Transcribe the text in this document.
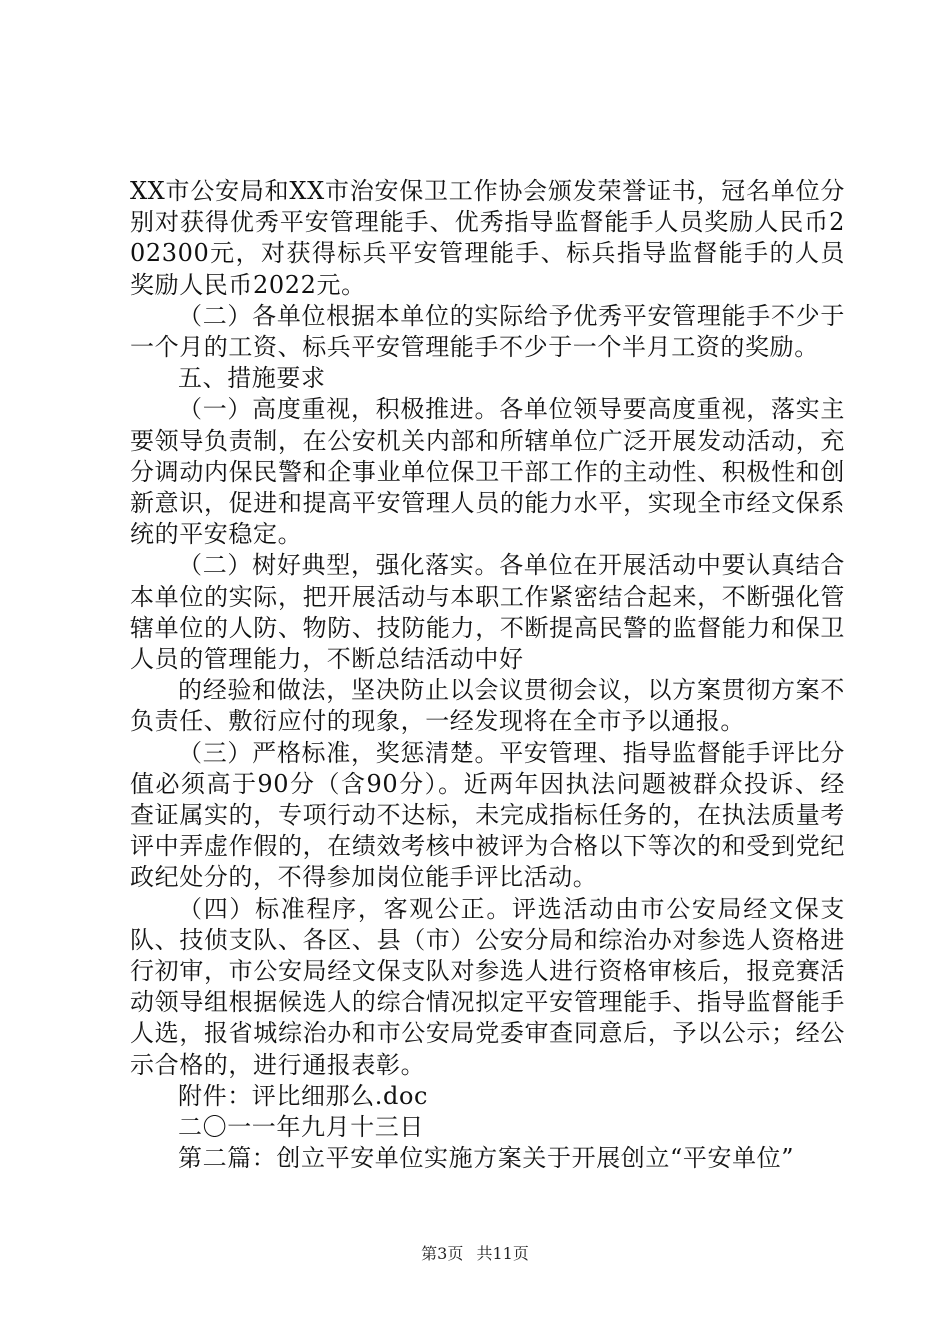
XX市公安局和XX市治安保卫工作协会颁发荣誉证书，冠名单位分别对获得优秀平安管理能手、优秀指导监督能手人员奖励人民币202300元，对获得标兵平安管理能手、标兵指导监督能手的人员奖励人民币2022元。

（二）各单位根据本单位的实际给予优秀平安管理能手不少于一个月的工资、标兵平安管理能手不少于一个半月工资的奖励。

五、措施要求

（一）高度重视，积极推进。各单位领导要高度重视，落实主要领导负责制，在公安机关内部和所辖单位广泛开展发动活动，充分调动内保民警和企事业单位保卫干部工作的主动性、积极性和创新意识，促进和提高平安管理人员的能力水平，实现全市经文保系统的平安稳定。

（二）树好典型，强化落实。各单位在开展活动中要认真结合本单位的实际，把开展活动与本职工作紧密结合起来，不断强化管辖单位的人防、物防、技防能力，不断提高民警的监督能力和保卫人员的管理能力，不断总结活动中好

的经验和做法，坚决防止以会议贯彻会议，以方案贯彻方案不负责任、敷衍应付的现象，一经发现将在全市予以通报。

（三）严格标准，奖惩清楚。平安管理、指导监督能手评比分值必须高于90分（含90分）。近两年因执法问题被群众投诉、经查证属实的，专项行动不达标，未完成指标任务的，在执法质量考评中弄虚作假的，在绩效考核中被评为合格以下等次的和受到党纪政纪处分的，不得参加岗位能手评比活动。

（四）标准程序，客观公正。评选活动由市公安局经文保支队、技侦支队、各区、县（市）公安分局和综治办对参选人资格进行初审，市公安局经文保支队对参选人进行资格审核后，报竞赛活动领导组根据候选人的综合情况拟定平安管理能手、指导监督能手人选，报省城综治办和市公安局党委审查同意后，予以公示；经公示合格的，进行通报表彰。

附件：评比细那么.doc

二〇一一年九月十三日

第二篇：创立平安单位实施方案关于开展创立“平安单位”

第3页 共11页
